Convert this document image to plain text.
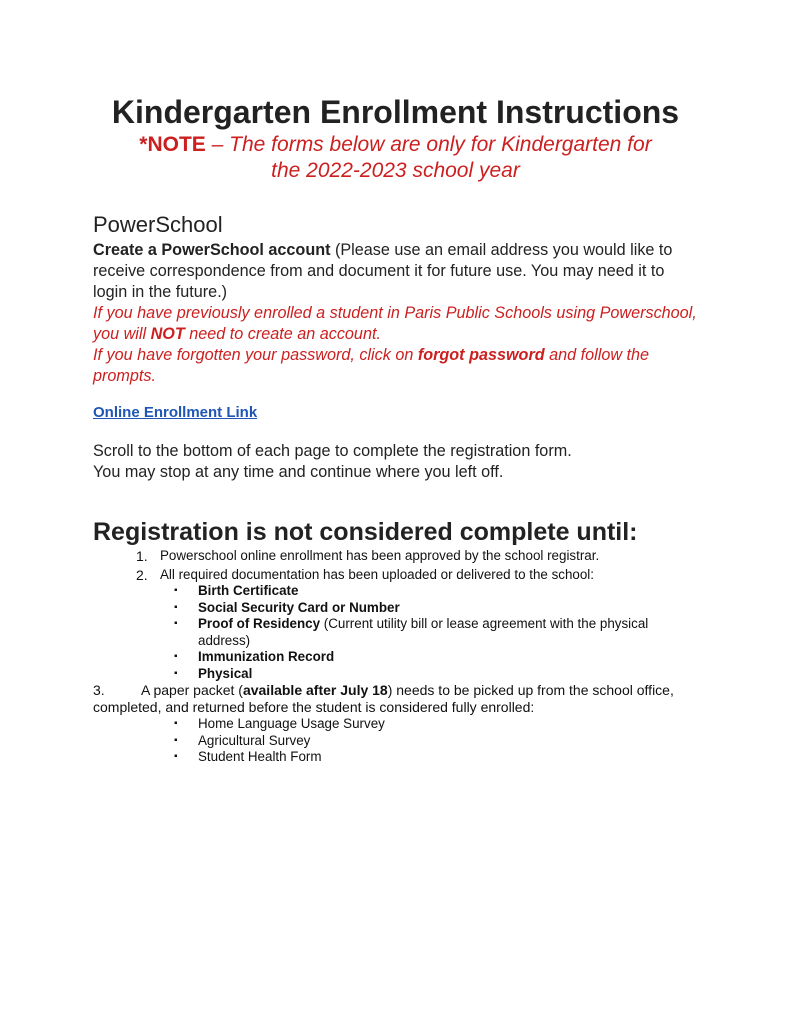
Kindergarten Enrollment Instructions
*NOTE – The forms below are only for Kindergarten for
the 2022-2023 school year
PowerSchool
Create a PowerSchool account (Please use an email address you would like to receive correspondence from and document it for future use. You may need it to login in the future.)
If you have previously enrolled a student in Paris Public Schools using Powerschool, you will NOT need to create an account.
If you have forgotten your password, click on forgot password and follow the prompts.
Online Enrollment Link
Scroll to the bottom of each page to complete the registration form.
You may stop at any time and continue where you left off.
Registration is not considered complete until:
1. Powerschool online enrollment has been approved by the school registrar.
2. All required documentation has been uploaded or delivered to the school:
▪ Birth Certificate
▪ Social Security Card or Number
▪ Proof of Residency (Current utility bill or lease agreement with the physical address)
▪ Immunization Record
▪ Physical
3.	A paper packet (available after July 18) needs to be picked up from the school office, completed, and returned before the student is considered fully enrolled:
▪ Home Language Usage Survey
▪ Agricultural Survey
▪ Student Health Form
